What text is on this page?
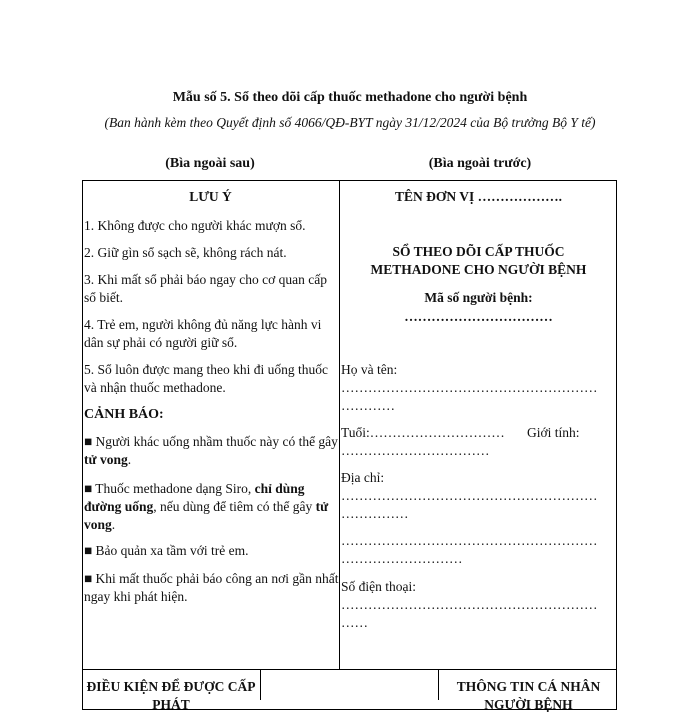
Mẫu số 5. Sổ theo dõi cấp thuốc methadone cho người bệnh
(Ban hành kèm theo Quyết định số 4066/QĐ-BYT ngày 31/12/2024 của Bộ trưởng Bộ Y tế)
(Bìa ngoài sau)	(Bìa ngoài trước)
LƯU Ý
1. Không được cho người khác mượn sổ.
2. Giữ gìn sổ sạch sẽ, không rách nát.
3. Khi mất sổ phải báo ngay cho cơ quan cấp sổ biết.
4. Trẻ em, người không đủ năng lực hành vi dân sự phải có người giữ sổ.
5. Sổ luôn được mang theo khi đi uống thuốc và nhận thuốc methadone.
CẢNH BÁO:
■ Người khác uống nhầm thuốc này có thể gây tử vong.
■ Thuốc methadone dạng Siro, chỉ dùng đường uống, nếu dùng để tiêm có thể gây tử vong.
■ Bảo quản xa tầm với trẻ em.
■ Khi mất thuốc phải báo công an nơi gần nhất ngay khi phát hiện.
TÊN ĐƠN VỊ ……………….
SỔ THEO DÕI CẤP THUỐC
METHADONE CHO NGƯỜI BỆNH
Mã số người bệnh:
……………………………
Họ và tên:
…………………………………………………
…………
Tuổi:………………………… Giới tính:
……………………………
Địa chỉ:
…………………………………………………
……………
…………………………………………………
………………………
Số điện thoại:
…………………………………………………
……
ĐIỀU KIỆN ĐỂ ĐƯỢC CẤP PHÁT
THÔNG TIN CÁ NHÂN NGƯỜI BỆNH
